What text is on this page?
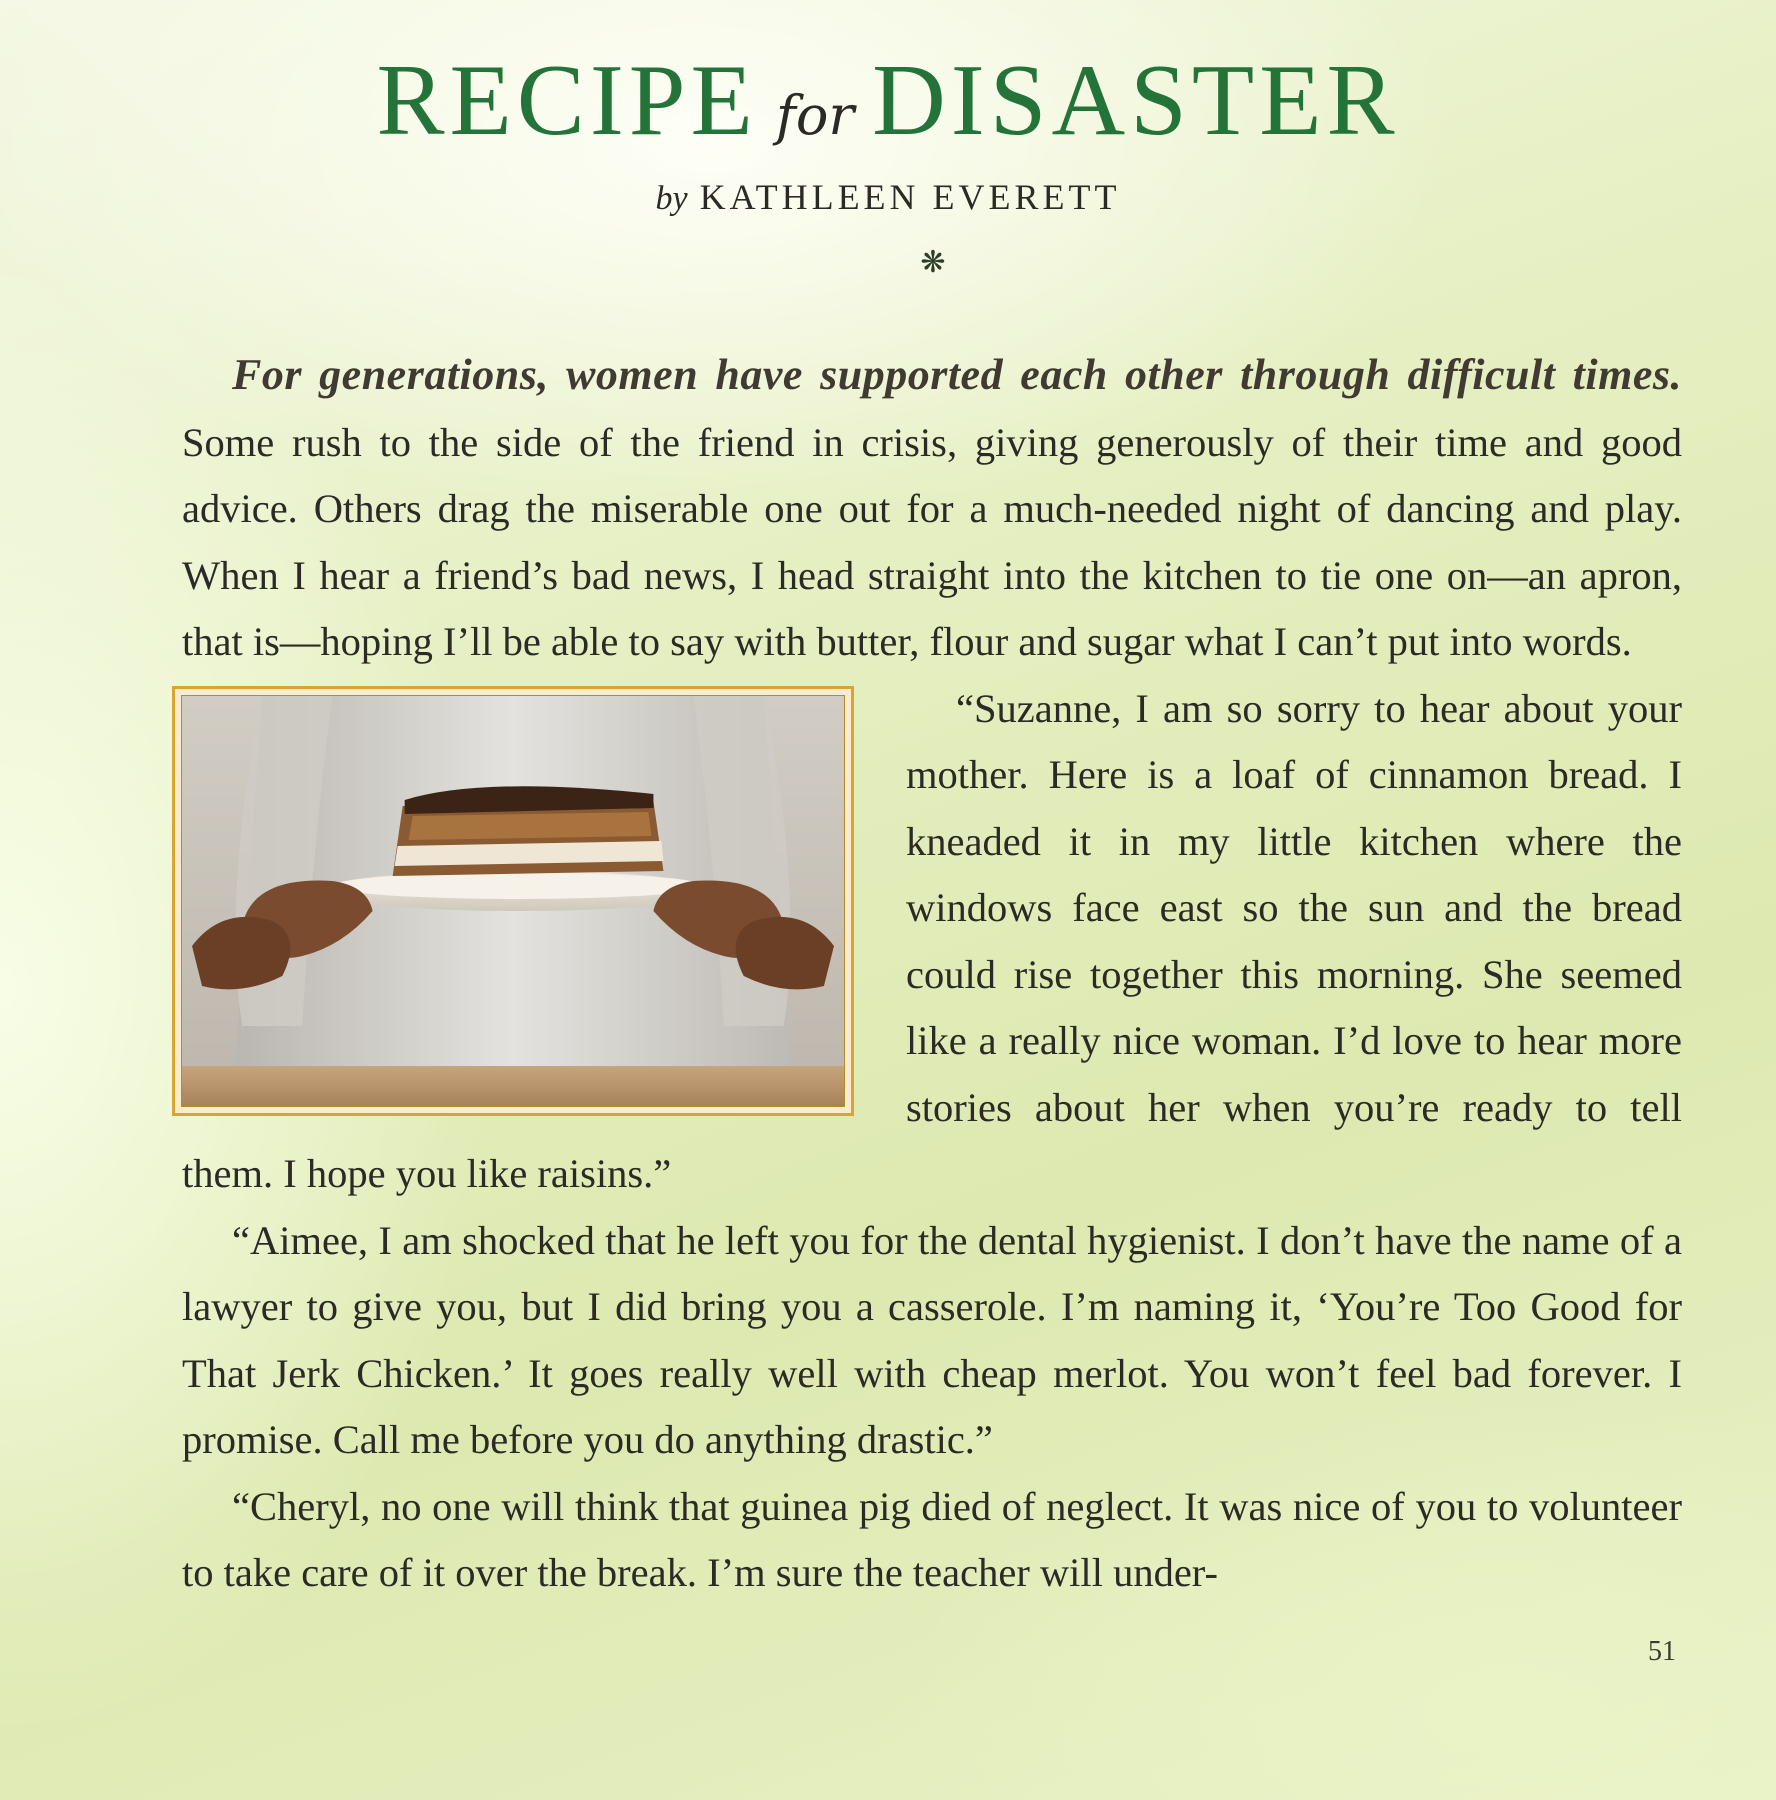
RECIPE for DISASTER
by KATHLEEN EVERETT
❋

For generations, women have supported each other through difficult times. Some rush to the side of the friend in crisis, giving generously of their time and good advice. Others drag the miserable one out for a much-needed night of dancing and play. When I hear a friend’s bad news, I head straight into the kitchen to tie one on—an apron, that is—hoping I’ll be able to say with butter, flour and sugar what I can’t put into words.

“Suzanne, I am so sorry to hear about your mother. Here is a loaf of cinnamon bread. I kneaded it in my little kitchen where the windows face east so the sun and the bread could rise together this morning. She seemed like a really nice woman. I’d love to hear more stories about her when you’re ready to tell them. I hope you like raisins.”

“Aimee, I am shocked that he left you for the dental hygienist. I don’t have the name of a lawyer to give you, but I did bring you a casserole. I’m naming it, ‘You’re Too Good for That Jerk Chicken.’ It goes really well with cheap merlot. You won’t feel bad forever. I promise. Call me before you do anything drastic.”

“Cheryl, no one will think that guinea pig died of neglect. It was nice of you to volunteer to take care of it over the break. I’m sure the teacher will under-

51
